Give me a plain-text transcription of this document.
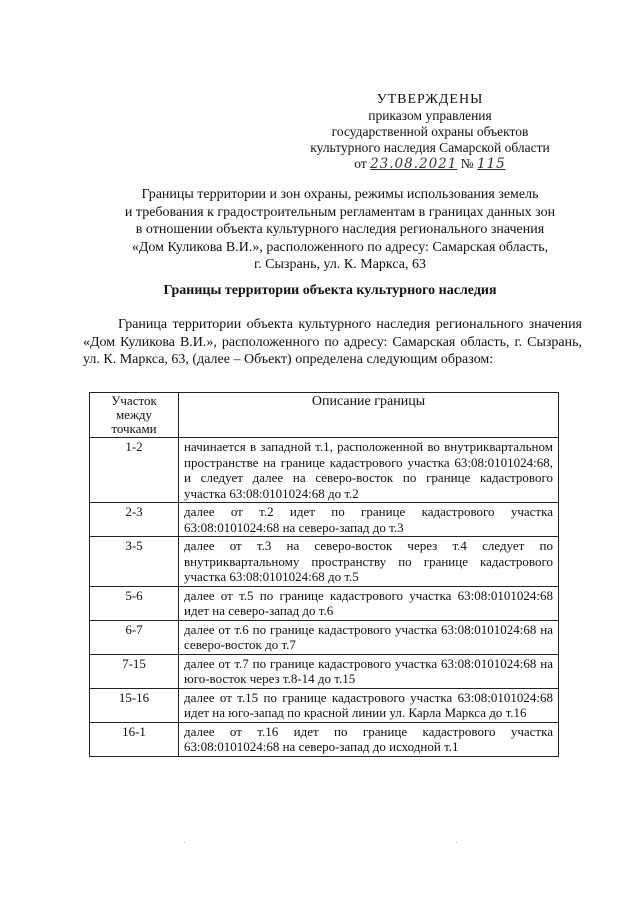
УТВЕРЖДЕНЫ
приказом управления
государственной охраны объектов
культурного наследия Самарской области
от 23.08.2021 № 115
Границы территории и зон охраны, режимы использования земель
и требования к градостроительным регламентам в границах данных зон
в отношении объекта культурного наследия регионального значения
«Дом Куликова В.И.», расположенного по адресу: Самарская область,
г. Сызрань, ул. К. Маркса, 63
Границы территории объекта культурного наследия
Граница территории объекта культурного наследия регионального значения «Дом Куликова В.И.», расположенного по адресу: Самарская область, г. Сызрань, ул. К. Маркса, 63, (далее – Объект) определена следующим образом:
Участок между точками	Описание границы
1-2	начинается в западной т.1, расположенной во внутриквартальном пространстве на границе кадастрового участка 63:08:0101024:68, и следует далее на северо-восток по границе кадастрового участка 63:08:0101024:68 до т.2
2-3	далее от т.2 идет по границе кадастрового участка 63:08:0101024:68 на северо-запад до т.3
3-5	далее от т.3 на северо-восток через т.4 следует по внутриквартальному пространству по границе кадастрового участка 63:08:0101024:68 до т.5
5-6	далее от т.5 по границе кадастрового участка 63:08:0101024:68 идет на северо-запад до т.6
6-7	далее от т.6 по границе кадастрового участка 63:08:0101024:68 на северо-восток до т.7
7-15	далее от т.7 по границе кадастрового участка 63:08:0101024:68 на юго-восток через т.8-14 до т.15
15-16	далее от т.15 по границе кадастрового участка 63:08:0101024:68 идет на юго-запад по красной линии ул. Карла Маркса до т.16
16-1	далее от т.16 идет по границе кадастрового участка 63:08:0101024:68 на северо-запад до исходной т.1
·	·
